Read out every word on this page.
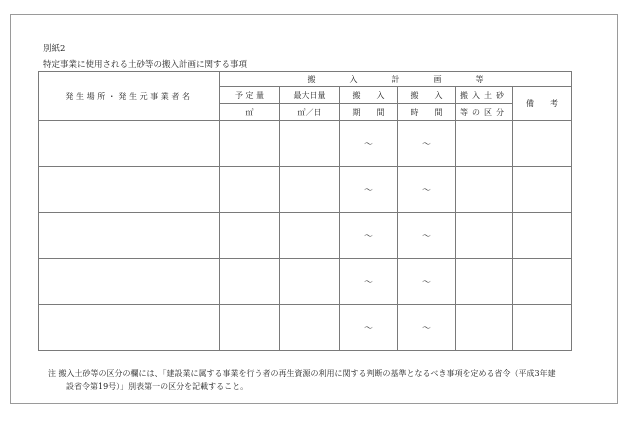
別紙2
特定事業に使用される土砂等の搬入計画に関する事項
発生場所・発生元事業者名	搬入計画等					
	予 定 量	最大日量	搬　　入	搬　　入	搬入土砂	備　　考
	㎥	㎥／日	期　　間	時　　間	等の区分	
			～	～		
			～	～		
			～	～		
			～	～		
			～	～		
注 搬入土砂等の区分の欄には、「建設業に属する事業を行う者の再生資源の利用に関する判断の基準となるべき事項を定める省令（平成3年建
設省令第19号）」別表第一の区分を記載すること。
